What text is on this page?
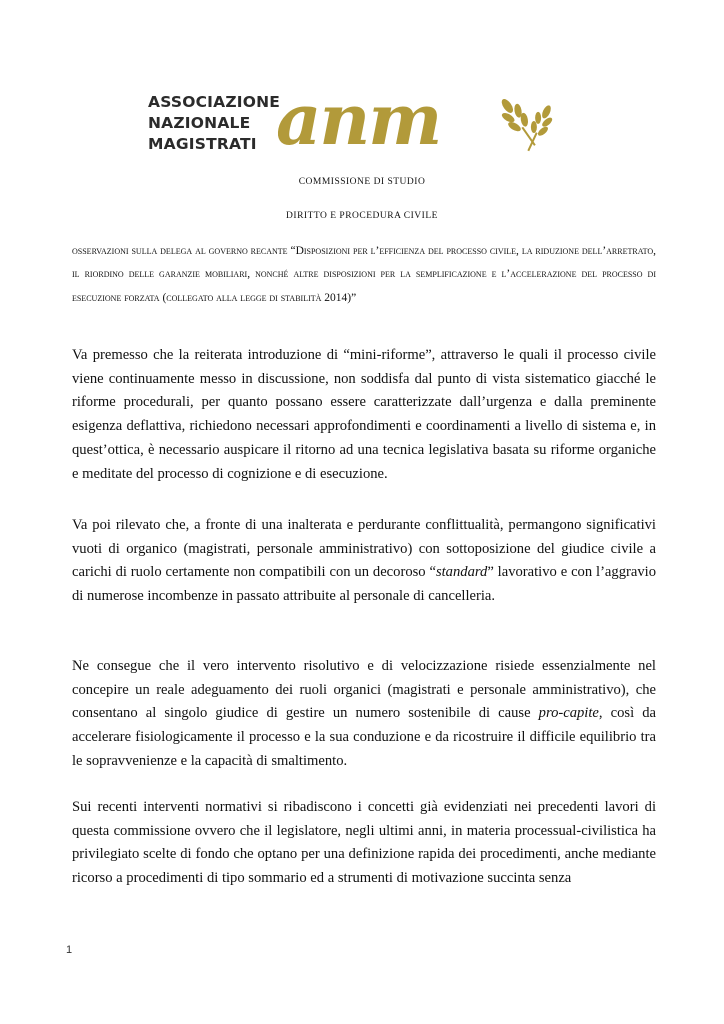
ASSOCIAZIONE
NAZIONALE
MAGISTRATI anm
COMMISSIONE DI STUDIO
DIRITTO E PROCEDURA CIVILE
osservazioni sulla delega al governo recante “Disposizioni per l’efficienza del processo civile, la riduzione dell’arretrato, il riordino delle garanzie mobiliari, nonché altre disposizioni per la semplificazione e l’accelerazione del processo di esecuzione forzata (collegato alla legge di stabilità 2014)”

Va premesso che la reiterata introduzione di “mini-riforme”, attraverso le quali il processo civile viene continuamente messo in discussione, non soddisfa dal punto di vista sistematico giacché le riforme procedurali, per quanto possano essere caratterizzate dall’urgenza e dalla preminente esigenza deflattiva, richiedono necessari approfondimenti e coordinamenti a livello di sistema e, in quest’ottica, è necessario auspicare il ritorno ad una tecnica legislativa basata su riforme organiche e meditate del processo di cognizione e di esecuzione.

Va poi rilevato che, a fronte di una inalterata e perdurante conflittualità, permangono significativi vuoti di organico (magistrati, personale amministrativo) con sottoposizione del giudice civile a carichi di ruolo certamente non compatibili con un decoroso “standard” lavorativo e con l’aggravio di numerose incombenze in passato attribuite al personale di cancelleria.

Ne consegue che il vero intervento risolutivo e di velocizzazione risiede essenzialmente nel concepire un reale adeguamento dei ruoli organici (magistrati e personale amministrativo), che consentano al singolo giudice di gestire un numero sostenibile di cause pro-capite, così da accelerare fisiologicamente il processo e la sua conduzione e da ricostruire il difficile equilibrio tra le sopravvenienze e la capacità di smaltimento.

Sui recenti interventi normativi si ribadiscono i concetti già evidenziati nei precedenti lavori di questa commissione ovvero che il legislatore, negli ultimi anni, in materia processual-civilistica ha privilegiato scelte di fondo che optano per una definizione rapida dei procedimenti, anche mediante ricorso a procedimenti di tipo sommario ed a strumenti di motivazione succinta senza

1
